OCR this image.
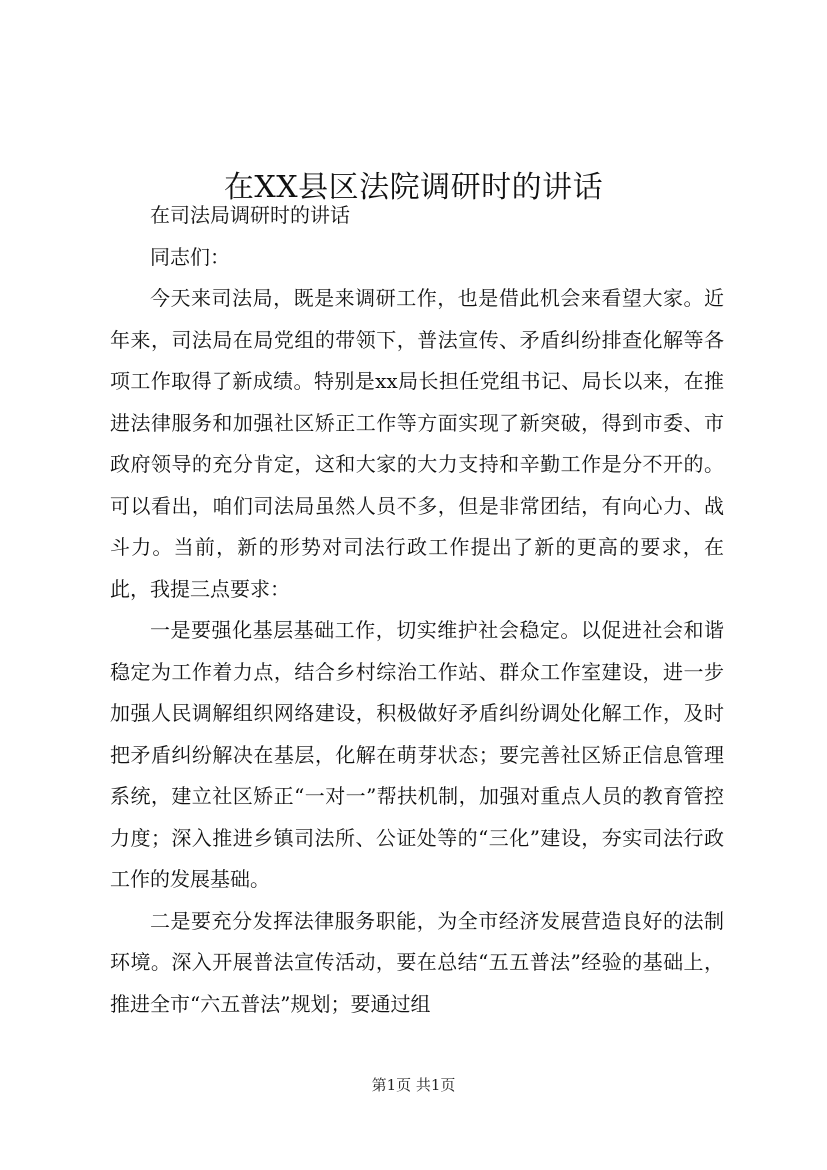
在XX县区法院调研时的讲话

在司法局调研时的讲话

同志们：

今天来司法局，既是来调研工作，也是借此机会来看望大家。近年来，司法局在局党组的带领下，普法宣传、矛盾纠纷排查化解等各项工作取得了新成绩。特别是xx局长担任党组书记、局长以来，在推进法律服务和加强社区矫正工作等方面实现了新突破，得到市委、市政府领导的充分肯定，这和大家的大力支持和辛勤工作是分不开的。可以看出，咱们司法局虽然人员不多，但是非常团结，有向心力、战斗力。当前，新的形势对司法行政工作提出了新的更高的要求，在此，我提三点要求：

一是要强化基层基础工作，切实维护社会稳定。以促进社会和谐稳定为工作着力点，结合乡村综治工作站、群众工作室建设，进一步加强人民调解组织网络建设，积极做好矛盾纠纷调处化解工作，及时把矛盾纠纷解决在基层，化解在萌芽状态；要完善社区矫正信息管理系统，建立社区矫正“一对一”帮扶机制，加强对重点人员的教育管控力度；深入推进乡镇司法所、公证处等的“三化”建设，夯实司法行政工作的发展基础。

二是要充分发挥法律服务职能，为全市经济发展营造良好的法制环境。深入开展普法宣传活动，要在总结“五五普法”经验的基础上，推进全市“六五普法”规划；要通过组

第1页 共1页
